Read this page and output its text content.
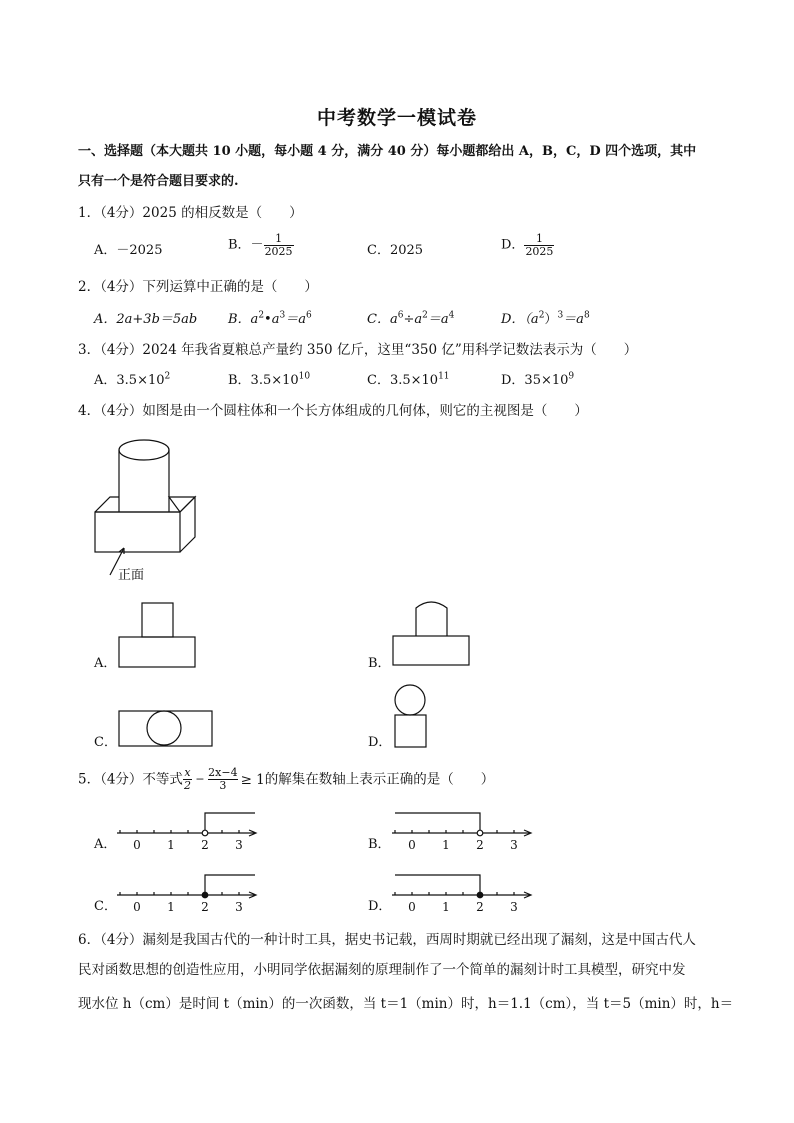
中考数学一模试卷
一、选择题（本大题共 10 小题，每小题 4 分，满分 40 分）每小题都给出 A，B，C，D 四个选项，其中
只有一个是符合题目要求的.
1．（4分）2025 的相反数是（　　）
A．－2025	B．－ $\frac{1}{2025}$	C．2025	D． $\frac{1}{2025}$
2．（4分）下列运算中正确的是（　　）
A．2a+3b＝5ab B．$a^2•a^3=a^6$	C．$a^6\div a^2=a^4$	D．$(a^2)^3=a^8$
3．（4分）2024 年我省夏粮总产量约 350 亿斤，这里“350 亿”用科学记数法表示为（　　）
A．$3.5\times 10^2$	B．$3.5\times 10^{10}$	C．$3.5\times 10^{11}$	D．$35\times 10^9$
4．（4分）如图是由一个圆柱体和一个长方体组成的几何体，则它的主视图是（　　）
正面
A．	B．
C．	D．
5．（4分）不等式 $\frac{x}{2} - \frac{2x-4}{3} \ge 1$的解集在数轴上表示正确的是（　　）
A． 0 1 2 3	B． 0 1 2 3
C． 0 1 2 3	D． 0 1 2 3
6．（4分）漏刻是我国古代的一种计时工具，据史书记载，西周时期就已经出现了漏刻，这是中国古代人
民对函数思想的创造性应用，小明同学依据漏刻的原理制作了一个简单的漏刻计时工具模型，研究中发
现水位 h（cm）是时间 t（min）的一次函数，当 t＝1（min）时，h＝1.1（cm），当 t＝5（min）时，h＝
